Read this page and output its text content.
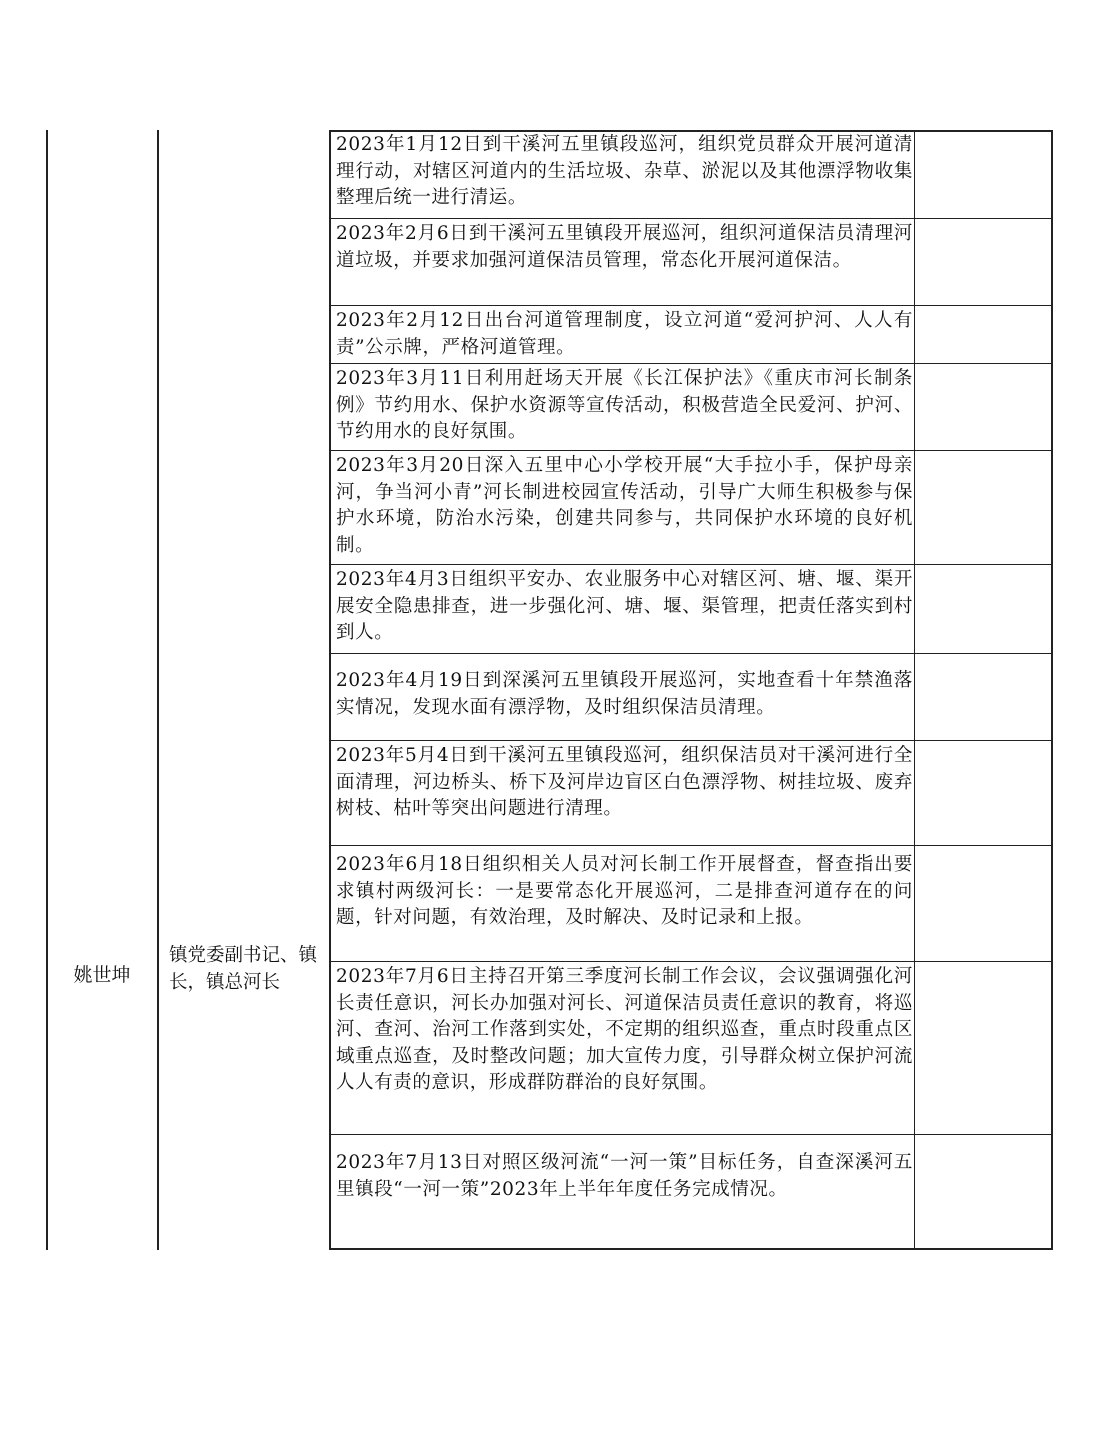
姚世坤
镇党委副书记、镇长，镇总河长
2023年1月12日到干溪河五里镇段巡河，组织党员群众开展河道清理行动，对辖区河道内的生活垃圾、杂草、淤泥以及其他漂浮物收集整理后统一进行清运。
2023年2月6日到干溪河五里镇段开展巡河，组织河道保洁员清理河道垃圾，并要求加强河道保洁员管理，常态化开展河道保洁。
2023年2月12日出台河道管理制度，设立河道“爱河护河、人人有责”公示牌，严格河道管理。
2023年3月11日利用赶场天开展《长江保护法》《重庆市河长制条例》节约用水、保护水资源等宣传活动，积极营造全民爱河、护河、节约用水的良好氛围。
2023年3月20日深入五里中心小学校开展“大手拉小手，保护母亲河，争当河小青”河长制进校园宣传活动，引导广大师生积极参与保护水环境，防治水污染，创建共同参与，共同保护水环境的良好机制。
2023年4月3日组织平安办、农业服务中心对辖区河、塘、堰、渠开展安全隐患排查，进一步强化河、塘、堰、渠管理，把责任落实到村到人。
2023年4月19日到深溪河五里镇段开展巡河，实地查看十年禁渔落实情况，发现水面有漂浮物，及时组织保洁员清理。
2023年5月4日到干溪河五里镇段巡河，组织保洁员对干溪河进行全面清理，河边桥头、桥下及河岸边盲区白色漂浮物、树挂垃圾、废弃树枝、枯叶等突出问题进行清理。
2023年6月18日组织相关人员对河长制工作开展督查，督查指出要求镇村两级河长：一是要常态化开展巡河，二是排查河道存在的问题，针对问题，有效治理，及时解决、及时记录和上报。
2023年7月6日主持召开第三季度河长制工作会议，会议强调强化河长责任意识，河长办加强对河长、河道保洁员责任意识的教育，将巡河、查河、治河工作落到实处，不定期的组织巡查，重点时段重点区域重点巡查，及时整改问题；加大宣传力度，引导群众树立保护河流人人有责的意识，形成群防群治的良好氛围。
2023年7月13日对照区级河流“一河一策”目标任务，自查深溪河五里镇段“一河一策”2023年上半年年度任务完成情况。
